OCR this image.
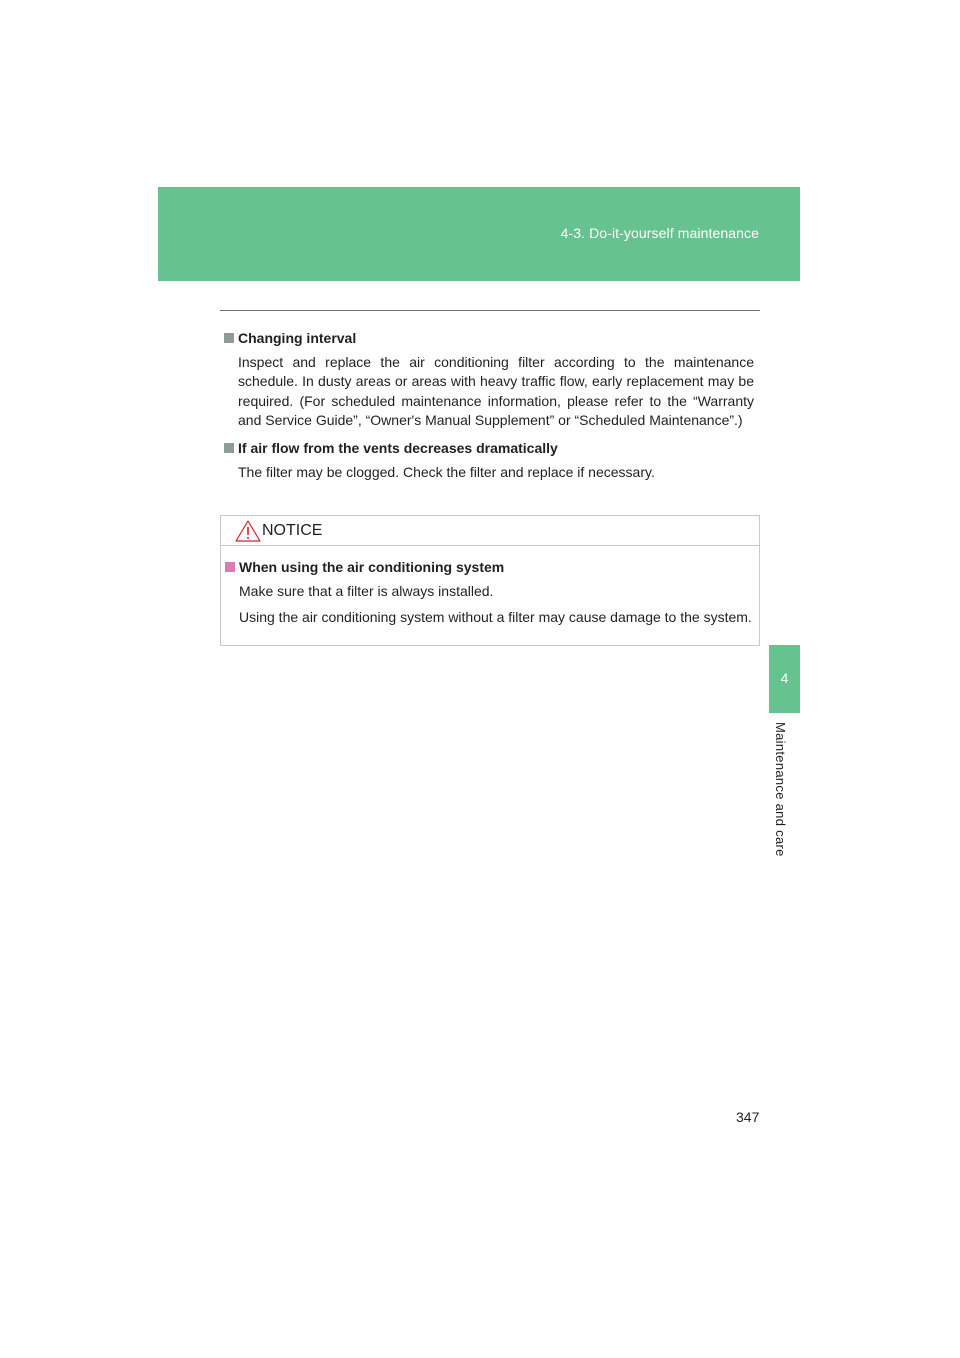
4-3. Do-it-yourself maintenance
4
Maintenance and care
Changing interval

Inspect and replace the air conditioning filter according to the maintenance schedule. In dusty areas or areas with heavy traffic flow, early replacement may be required. (For scheduled maintenance information, please refer to the “Warranty and Service Guide”, “Owner's Manual Supplement” or “Scheduled Maintenance”.)

If air flow from the vents decreases dramatically

The filter may be clogged. Check the filter and replace if necessary.

NOTICE
When using the air conditioning system

Make sure that a filter is always installed.

Using the air conditioning system without a filter may cause damage to the system.

347
